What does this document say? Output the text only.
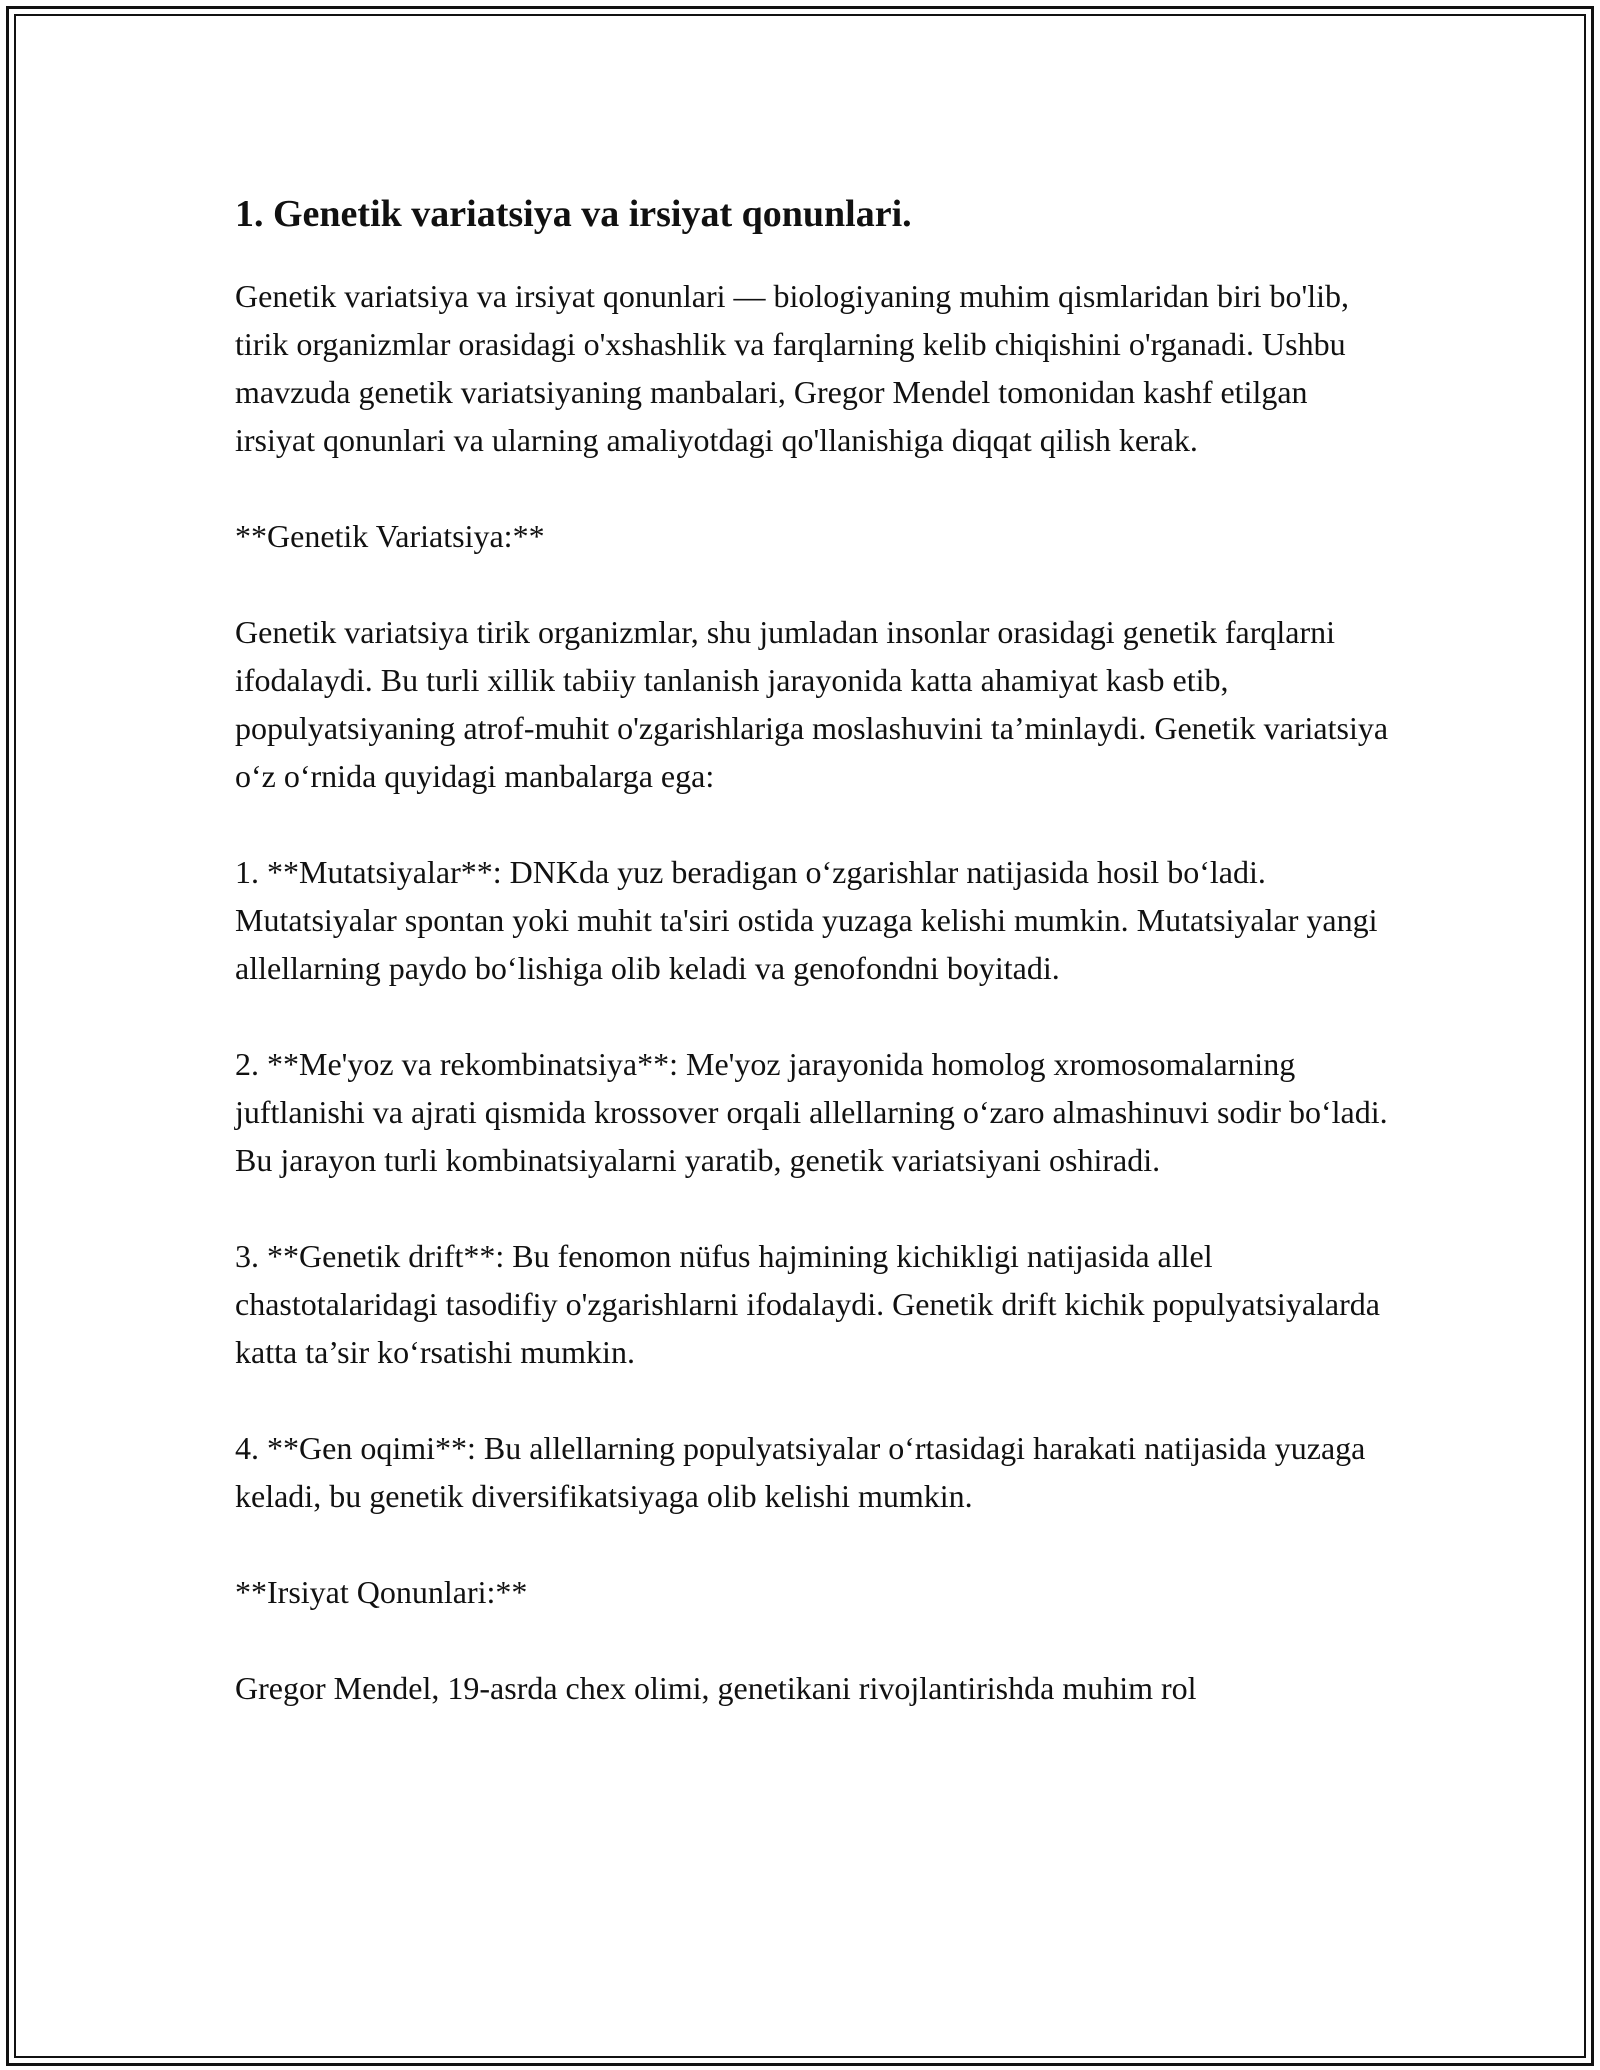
1. Genetik variatsiya va irsiyat qonunlari.

Genetik variatsiya va irsiyat qonunlari — biologiyaning muhim qismlaridan biri bo'lib, tirik organizmlar orasidagi o'xshashlik va farqlarning kelib chiqishini o'rganadi. Ushbu mavzuda genetik variatsiyaning manbalari, Gregor Mendel tomonidan kashf etilgan irsiyat qonunlari va ularning amaliyotdagi qo'llanishiga diqqat qilish kerak.

**Genetik Variatsiya:**

Genetik variatsiya tirik organizmlar, shu jumladan insonlar orasidagi genetik farqlarni ifodalaydi. Bu turli xillik tabiiy tanlanish jarayonida katta ahamiyat kasb etib, populyatsiyaning atrof-muhit o'zgarishlariga moslashuvini ta’minlaydi. Genetik variatsiya o‘z o‘rnida quyidagi manbalarga ega:

1. **Mutatsiyalar**: DNKda yuz beradigan o‘zgarishlar natijasida hosil bo‘ladi. Mutatsiyalar spontan yoki muhit ta'siri ostida yuzaga kelishi mumkin. Mutatsiyalar yangi allellarning paydo bo‘lishiga olib keladi va genofondni boyitadi.

2. **Me'yoz va rekombinatsiya**: Me'yoz jarayonida homolog xromosomalarning juftlanishi va ajrati qismida krossover orqali allellarning o‘zaro almashinuvi sodir bo‘ladi. Bu jarayon turli kombinatsiyalarni yaratib, genetik variatsiyani oshiradi.

3. **Genetik drift**: Bu fenomon nüfus hajmining kichikligi natijasida allel chastotalaridagi tasodifiy o'zgarishlarni ifodalaydi. Genetik drift kichik populyatsiyalarda katta ta’sir ko‘rsatishi mumkin.

4. **Gen oqimi**: Bu allellarning populyatsiyalar o‘rtasidagi harakati natijasida yuzaga keladi, bu genetik diversifikatsiyaga olib kelishi mumkin.

**Irsiyat Qonunlari:**

Gregor Mendel, 19-asrda chex olimi, genetikani rivojlantirishda muhim rol
